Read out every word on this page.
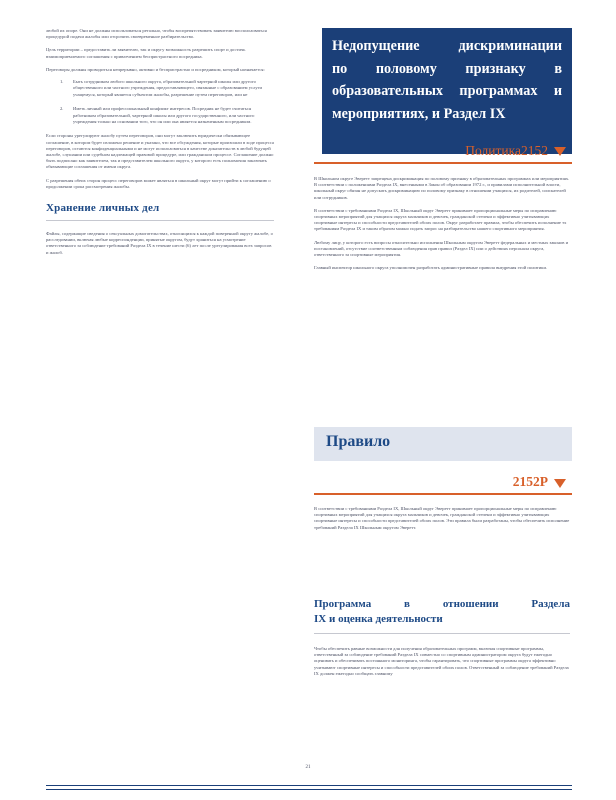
любой их опоре. Они не должны использоваться ретально, чтобы воспрепятствовать заявителю воспользоваться процедурой подачи жалобы или отсрочить своевременное разбирательство.

Цель территории – предоставить ли заявителю, так и округу возможность разрешить спорт и достичь взаимоприемлемого соглашения с привлечением беспристрастного посредника.

Переговоры должны проводиться непрерывно, активно и беспристрастно и посредником, который назначается:

1. Быть сотрудником любого школьного округа, образовательной чартерной школы или другого общественного или частного учреждения, предоставляющего, связанные с образованием услуги учащемуся, который является субъектом жалобы, разрешение путем переговоров, или не
2. Иметь личный или профессиональный конфликт интересов. Посредник не будет считаться работником образовательной, чартерной школы или другого государственного, или частного учреждения только на основании того, что он или она является назначенным посредником.

Если стороны урегулируют жалобу путем переговоров, они могут заключить юридически обязывающее соглашение, в котором будет изложено решение и указано, что все обсуждения, которые произошли в ходе процесса переговоров, остаются конфиденциальными и не могут использоваться в качестве доказательств в любой будущей жалобе, слушании или судебном надлежащей правовой процедуре, или гражданском процессе. Соглашение должно быть подписано как заявителем, так и представителем школьного округа, у которого есть полномочия заключать обязывающие соглашения от имени округа.

С разрешения обеих сторон процесс переговоров может являться в школьный округ могут прийти к соглашению о продолжении срока рассмотрения жалобы.

Хранение личных дел

Файлы, содержащие сведения о сексуальных домогательствах, относящихся к каждой поверенной округу жалобе, о расследовании, включая любые корреспонденции, принятые округом, будут храниться на усмотрение ответственного за соблюдение требований Раздела IX в течение шести (6) лет после урегулирования всех запросов и жалоб.

Недопущение дискриминации
по половому признаку в
образовательных программах и
мероприятиях, и Раздел IX
Политика2152

В Школьном округе Эверетт запрещена дискриминация по половому признаку в образовательных программах или мероприятиях. В соответствии с положениями Раздела IX, внесенными в Закон об образовании 1972 г., и правилами исполнительной власти, школьный округ обязан не допускать дискриминацию по половому признаку в отношении учащихся, их родителей, соискателей или сотрудников.

В соответствии с требованиями Раздела IX, Школьный округ Эверетт принимает пропорциональные меры по исправлению спортивных мероприятий для учащихся округа мальчиков и девочек, гражданской степени и эффективно учитывающих спортивные интересы и способности представителей обоих полов. Округ разработает правила, чтобы обеспечить исполнение тх требованиям Раздела IX и таким образом можно подать запрос на разбирательство нашего спортивного мероприятия.

Любому лицу, у которого есть вопросы относительно исполнения Школьным округом Эверетт федеральных и местных законов и постановлений, отсутствие соответственным соблюдения прав правил (Раздел IX) или о действиях персонала округа, ответственного за спортивные мероприятия.

Главный инспектор школьного округа уполномочен разработать административные правила внедрения этой политики.

Правило
2152Р

В соответствии с требованиями Раздела IX, Школьный округ Эверетт принимает пропорциональные меры по исправлению спортивных мероприятий для учащихся округа мальчиков и девочек, гражданской степени и эффективно учитывающих спортивные интересы и способности представителей обоих полов. Эти правила были разработаны, чтобы обеспечить исполнение требований Раздела IX Школьным округом Эверетт.

Программа в отношении Раздела
IX и оценка деятельности

Чтобы обеспечить равные возможности для получения образовательных программ, включая спортивные программы, ответственный за соблюдение требований Раздела IX совместно со спортивным администратором округа будут ежегодно оценивать и обеспечивать постоянного мониторинга, чтобы гарантировать, что спортивные программы округа эффективно учитывают спортивные интересы и способности представителей обоих полов. Ответственный за соблюдение требований Раздела IX должен ежегодно сообщать главному

21
